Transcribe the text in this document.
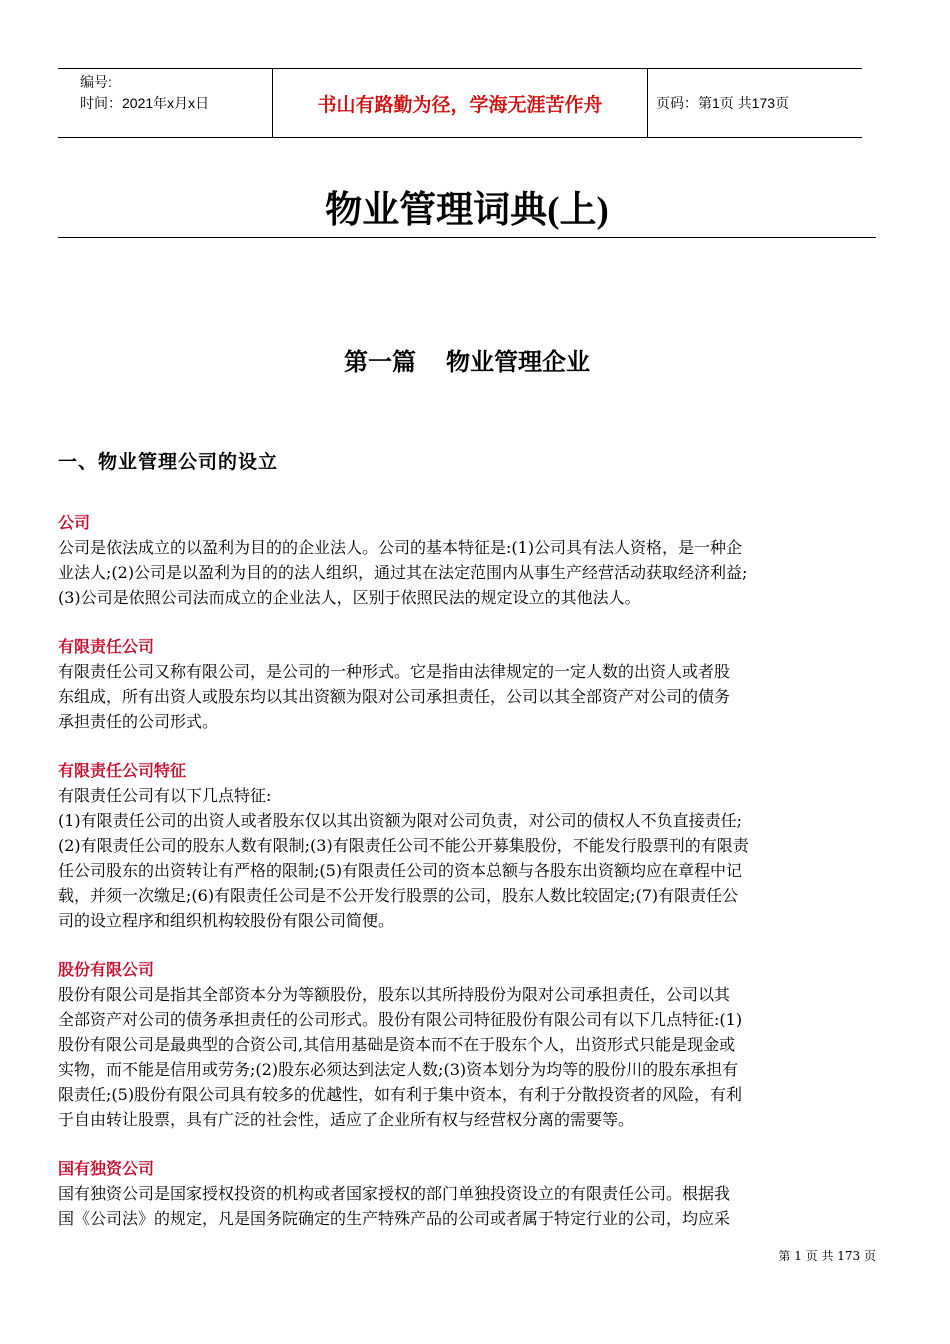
编号:
时间：2021年x月x日	书山有路勤为径，学海无涯苦作舟	页码：第1页 共173页
物业管理词典(上)
第一篇 物业管理企业
一、物业管理公司的设立

公司

公司是依法成立的以盈利为目的的企业法人。公司的基本特征是:(1)公司具有法人资格，是一种企
业法人;(2)公司是以盈利为目的的法人组织，通过其在法定范围内从事生产经营活动获取经济利益;
(3)公司是依照公司法而成立的企业法人，区别于依照民法的规定设立的其他法人。

有限责任公司

有限责任公司又称有限公司，是公司的一种形式。它是指由法律规定的一定人数的出资人或者股
东组成，所有出资人或股东均以其出资额为限对公司承担责任，公司以其全部资产对公司的债务
承担责任的公司形式。

有限责任公司特征

有限责任公司有以下几点特征:
(1)有限责任公司的出资人或者股东仅以其出资额为限对公司负责，对公司的债权人不负直接责任;
(2)有限责任公司的股东人数有限制;(3)有限责任公司不能公开募集股份，不能发行股票刊的有限责
任公司股东的出资转让有严格的限制;(5)有限责任公司的资本总额与各股东出资额均应在章程中记
载，并须一次缴足;(6)有限责任公司是不公开发行股票的公司，股东人数比较固定;(7)有限责任公
司的设立程序和组织机构较股份有限公司简便。

股份有限公司

股份有限公司是指其全部资本分为等额股份，股东以其所持股份为限对公司承担责任，公司以其
全部资产对公司的债务承担责任的公司形式。股份有限公司特征股份有限公司有以下几点特征:(1)
股份有限公司是最典型的合资公司,其信用基础是资本而不在于股东个人，出资形式只能是现金或
实物，而不能是信用或劳务;(2)股东必须达到法定人数;(3)资本划分为均等的股份川的股东承担有
限责任;(5)股份有限公司具有较多的优越性，如有利于集中资本，有利于分散投资者的风险，有利
于自由转让股票，具有广泛的社会性，适应了企业所有权与经营权分离的需要等。

国有独资公司

国有独资公司是国家授权投资的机构或者国家授权的部门单独投资设立的有限责任公司。根据我
国《公司法》的规定，凡是国务院确定的生产特殊产品的公司或者属于特定行业的公司，均应采

第 1 页 共 173 页
